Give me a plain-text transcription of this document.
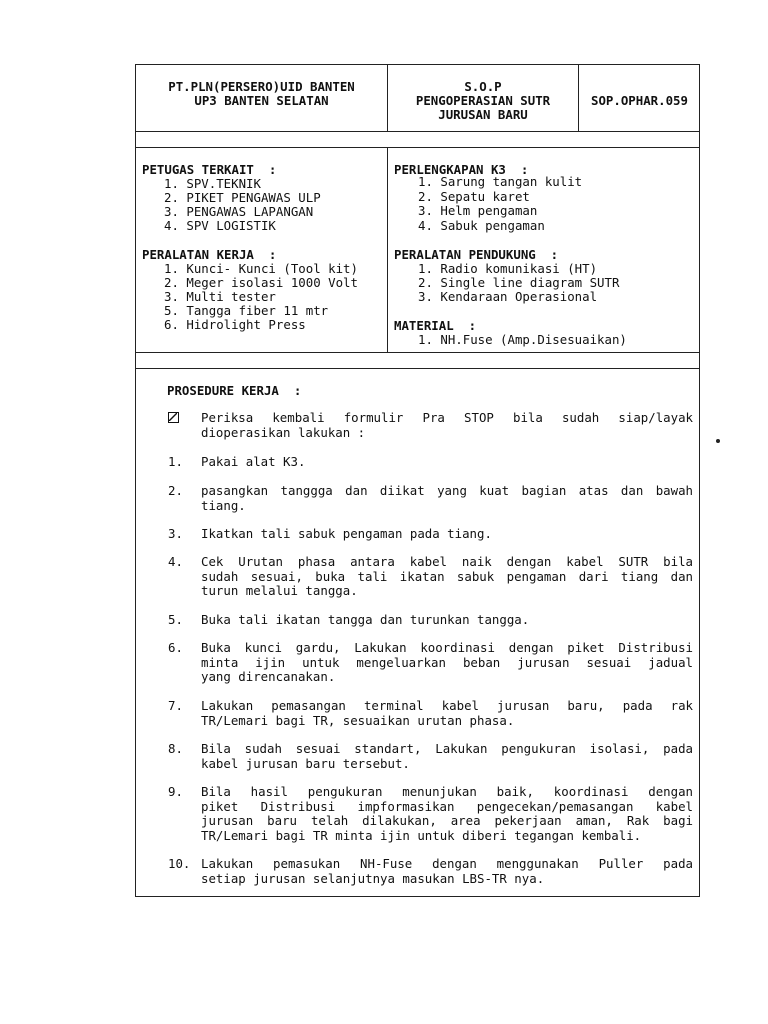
PT.PLN(PERSERO)UID BANTEN
UP3 BANTEN SELATAN
S.O.P
PENGOPERASIAN SUTR
JURUSAN BARU
SOP.OPHAR.059
PETUGAS TERKAIT  :
1. SPV.TEKNIK
2. PIKET PENGAWAS ULP
3. PENGAWAS LAPANGAN
4. SPV LOGISTIK
PERALATAN KERJA  :
1. Kunci- Kunci (Tool kit)
2. Meger isolasi 1000 Volt
3. Multi tester
5. Tangga fiber 11 mtr
6. Hidrolight Press
PERLENGKAPAN K3  :
1. Sarung tangan kulit
2. Sepatu karet
3. Helm pengaman
4. Sabuk pengaman
PERALATAN PENDUKUNG  :
1. Radio komunikasi (HT)
2. Single line diagram SUTR
3. Kendaraan Operasional
MATERIAL  :
1. NH.Fuse (Amp.Disesuaikan)
PROSEDURE KERJA  :
Periksa kembali formulir Pra STOP bila sudah siap/layak
dioperasikan lakukan :
1. Pakai alat K3.
2. pasangkan tanggga dan diikat yang kuat bagian atas dan bawah
tiang.
3. Ikatkan tali sabuk pengaman pada tiang.
4. Cek Urutan phasa antara kabel naik dengan kabel SUTR bila
sudah sesuai, buka tali ikatan sabuk pengaman dari tiang dan
turun melalui tangga.
5. Buka tali ikatan tangga dan turunkan tangga.
6. Buka kunci gardu, Lakukan koordinasi dengan piket Distribusi
minta ijin untuk mengeluarkan beban jurusan sesuai jadual
yang direncanakan.
7. Lakukan pemasangan terminal kabel jurusan baru, pada rak
TR/Lemari bagi TR, sesuaikan urutan phasa.
8. Bila sudah sesuai standart, Lakukan pengukuran isolasi, pada
kabel jurusan baru tersebut.
9. Bila hasil pengukuran menunjukan baik, koordinasi dengan
piket Distribusi impformasikan pengecekan/pemasangan kabel
jurusan baru telah dilakukan, area pekerjaan aman, Rak bagi
TR/Lemari bagi TR minta ijin untuk diberi tegangan kembali.
10. Lakukan pemasukan NH-Fuse dengan menggunakan Puller pada
setiap jurusan selanjutnya masukan LBS-TR nya.
